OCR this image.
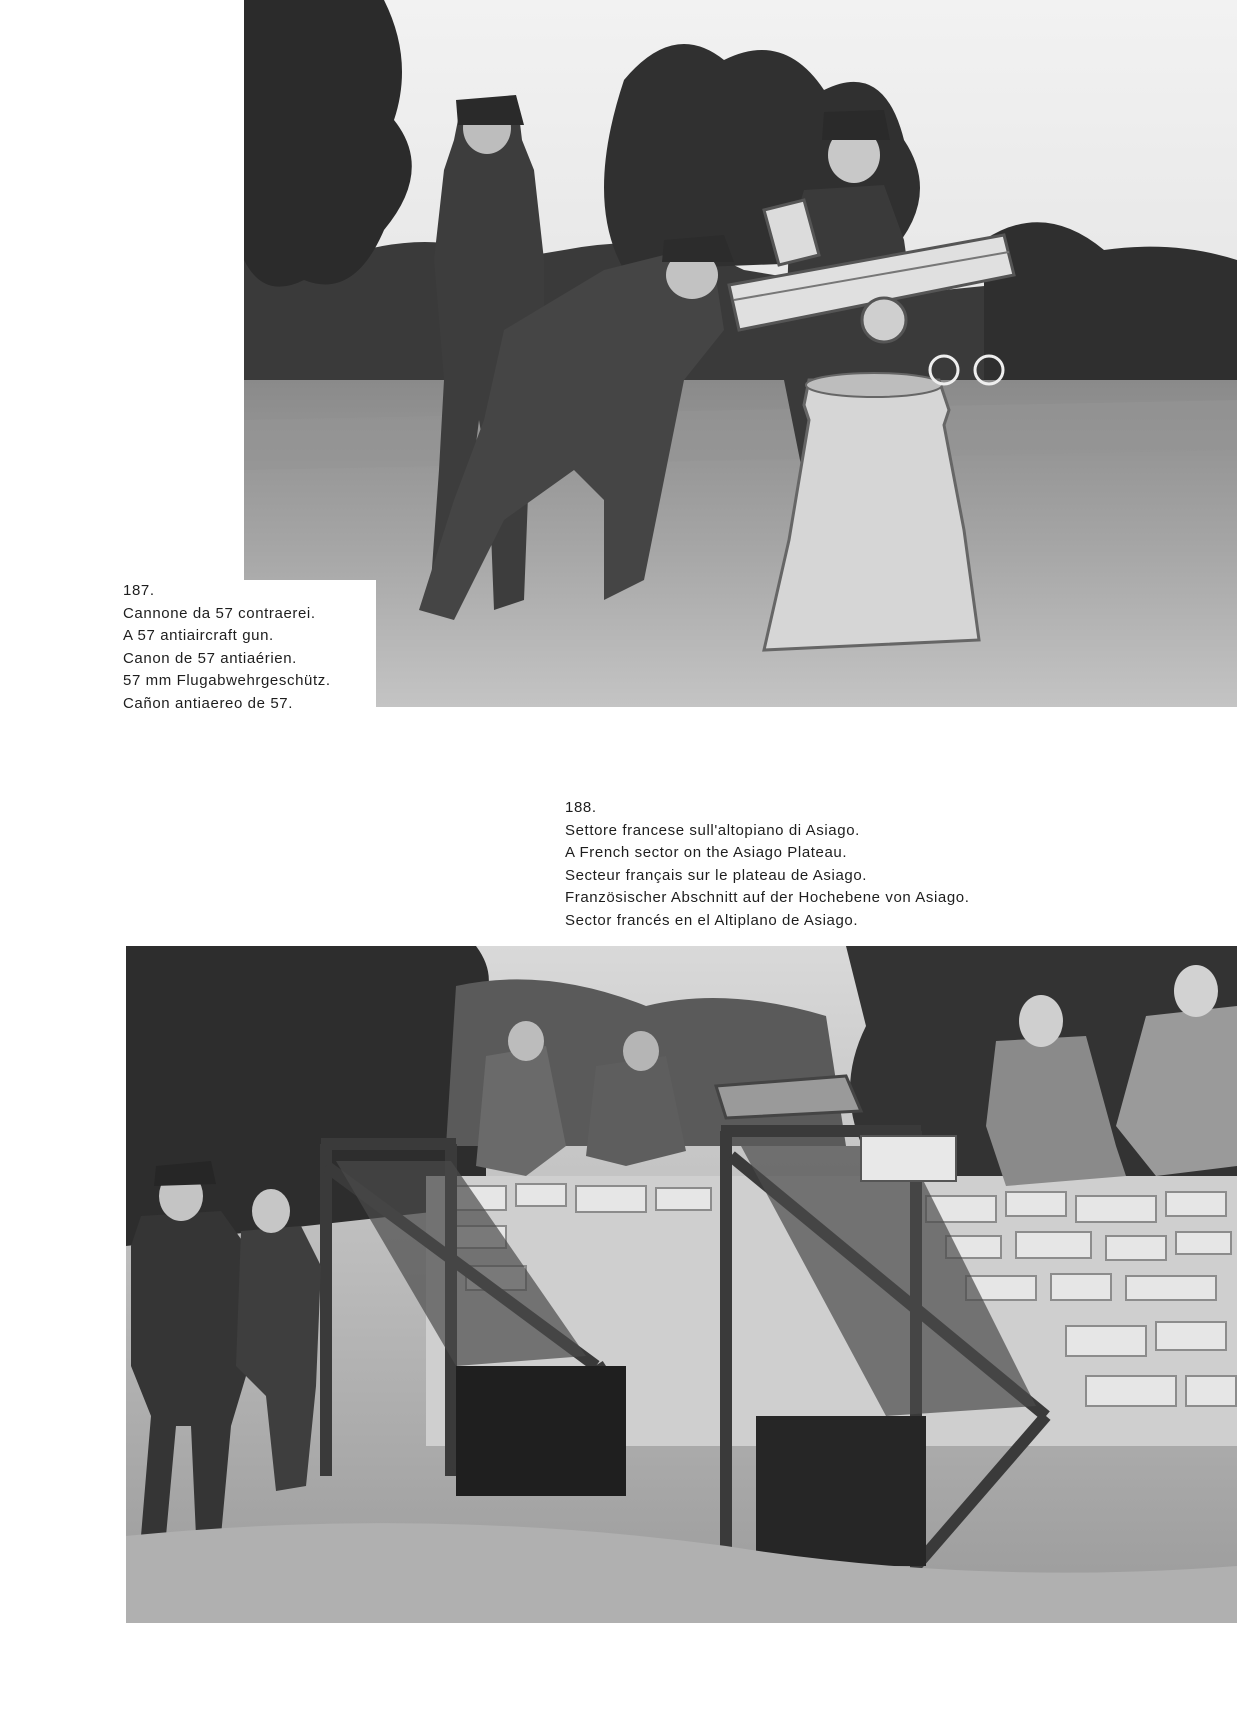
187.
Cannone da 57 contraerei.
A 57 antiaircraft gun.
Canon de 57 antiaérien.
57 mm Flugabwehrgeschütz.
Cañon antiaereo de 57.
188.
Settore francese sull'altopiano di Asiago.
A French sector on the Asiago Plateau.
Secteur français sur le plateau de Asiago.
Französischer Abschnitt auf der Hochebene von Asiago.
Sector francés en el Altiplano de Asiago.
